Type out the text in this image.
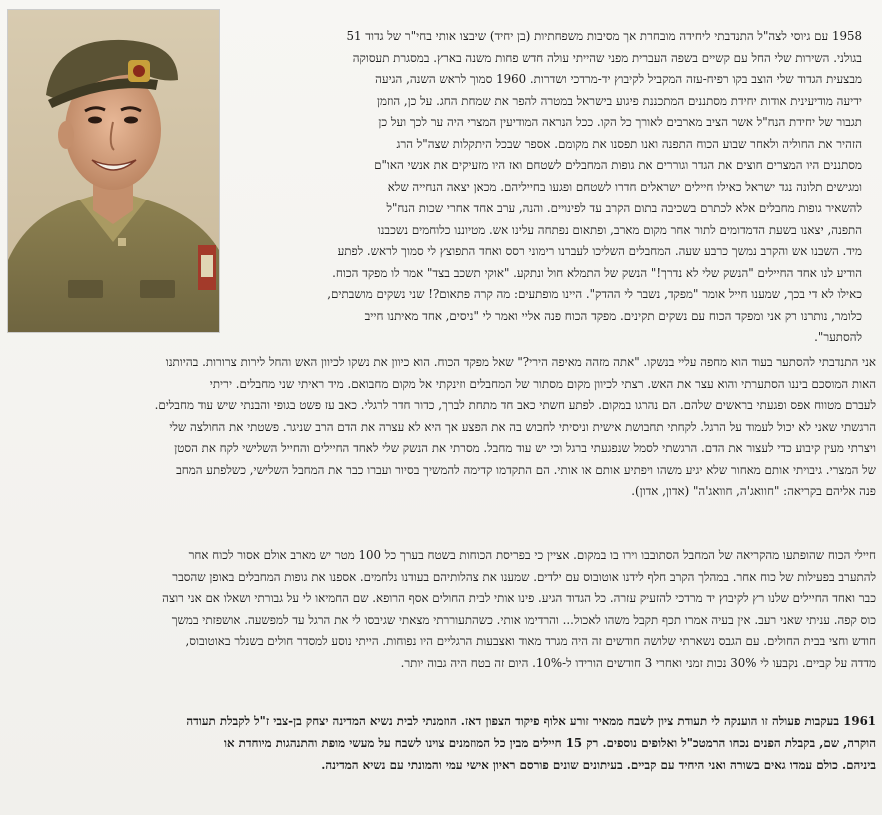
1958 עם גיוסי לצה"ל התנדבתי ליחידה מובחרת אך מסיבות משפחתיות (בן יחיד) שיבצו אותי בחי"ר של גדוד 51
בגולני. השירות שלי החל עם קשיים בשפה העברית מפני שהייתי עולה חדש פחות משנה בארץ. במסגרת תעסוקה
מבצעית הגדוד שלי הוצב בקו רפיח-עזה המקביל לקיבוץ יד-מרדכי ושדרות. 1960 סמוך לראש השנה, הגיעה
ידיעה מודיעינית אודות יחידת מסתננים המתכננת פיגוע בישראל במטרה להפר את שמחת החג. על כן, הוזמן
תגבור של יחידת הנח"ל אשר הציב מארבים לאורך כל הקו. ככל הנראה המודיעין המצרי היה ער לכך ועל כן
הזהיר את החוליה ולאחר שבוע הכוח התפנה ואנו תפסנו את מקומם. אספר שבכל היתקלות שצה"ל הרג
מסתננים היו המצרים חוצים את הגדר וגוררים את גופות המחבלים לשטחם ואז היו מזעיקים את אנשי האו"ם
ומגישים תלונה נגד ישראל כאילו חיילים ישראלים חדרו לשטחם ופגעו בחייליהם. מכאן יצאה הנחייה שלא
להשאיר גופות מחבלים אלא לכתרם בשכיבה בתום הקרב עד לפינויים. והנה, ערב אחד אחרי שכות הנח"ל
התפנה, יצאנו בשעת הדמדומים לתור אחר מקום מארב, ופתאום נפתחה עלינו אש. מטיוננו כלוחמים נשכבנו
מיד. השבנו אש והקרב נמשך כרבע שעה. המחבלים השליכו לעברנו רימוני רסס ואחד התפוצץ לי סמוך לראש. לפתע
הודיע לנו אחד החיילים "הנשק שלי לא נדרך!" הנשק של‏ התמלא חול ונתקע. "אוקי תשכב בצד" אמר לו מפקד הכוח.
כאילו לא די בכך, שמענו חייל אומר "מפקד, נשבר לי ההדק". היינו מופתעים: מה קרה פתאום?! שני נשקים מושבתים,
כלומר, נותרנו רק אני ומפקד הכוח עם נשקים תקינים. מפקד הכוח פנה אליי ואמר לי "ניסים, אחד מאיתנו חייב
להסתער".
אני התנדבתי להסתער בעוד הוא מחפה עליי בנשקו. "אתה מזהה מאיפה הירי?" שאל מפקד הכוח. הוא כיוון את נשקו לכיוון האש והחל לירות צרורות. בהיותנו
האות המוסכם ביננו הסתערתי והוא עצר את האש. רצתי לכיוון מקום מסתור של המחבלים וזינקתי אל מקום מחבואם. מיד ראיתי שני מחבלים. יריתי
לעברם מטווח אפס ופגעתי בראשים שלהם. הם נהרגו במקום. לפתע חשתי כאב חד מתחת לברך, כדור חדר לרגלי. כאב עז פשט בגופי והבנתי שיש עוד מחבלים.
הרגשתי שאני לא יכול לעמוד על הרגל. לקחתי תחבושת אישית וניסיתי לחבוש בה את הפצע אך היא לא עצרה את הדם הרב שניגר. פשטתי את החולצה שלי
ויצרתי מעין קיבוע כדי לעצור את הדם. הרגשתי לסמל שנפגעתי ברגל וכי יש עוד מחבל. מסרתי את הנשק שלי לאחד החיילים והחייל השלישי לקח את הסטן
של המצרי. גיבויתי אותם מאחור שלא יגיע משהו ויפתיע אותם או אותי. הם התקדמו קדימה להמשיך בסיור ועברו כבר את המחבל השלישי, כשלפתע המחב
פנה אליהם בקריאה: "חוואג'ה, חוואג'ה" (אדון, אדון).
חיילי הכוח שהופתעו מהקריאה של המחבל הסתובבו וירו בו במקום. אציין כי בפריסת הכוחות בשטח בערך כל 100 מטר יש מארב אולם אסור לכוח אחר
להתערב בפעילות של כוח אחר. במהלך הקרב חלף לידנו אוטובוס עם ילדים. שמענו את צהלותיהם בעודנו נלחמים. אספנו את גופות המחבלים באופן שהסבר
כבר ואחד החיילים שלנו רץ לקיבוץ יד מרדכי להזעיק עזרה. כל הגדוד הגיע. פינו אותי לבית החולים אסף הרופא. שם החמיאו לי על גבורתי ושאלו אם אני רוצה
כוס קפה. עניתי שאני רעב. אין בעיה אמרו תכף תקבל משהו לאכול... והרדימו אותי. כשהתעוררתי מצאתי שגיבסו לי את הרגל עד למפשעה. אושפזתי במשך
חודש וחצי בבית החולים. עם הגבס נשארתי שלושה חודשים זה היה מגרד מאוד ואצבעות הרגליים היו נפוחות. הייתי נוסע למסדר חולים בשנלר באוטובוס,
מדדה על קביים. נקבעו לי 30% נכות זמני ואחרי 3 חודשים הורידו ל-10%. היום זה בטח היה גבוה יותר.
1961 בעקבות פעולה זו הוענקה לי תעודת ציון לשבח ממאיר זורע אלוף פיקוד הצפון דאז. הוזמנתי לבית נשיא המדינה יצחק בן-צבי ז"ל לקבלת תעודה
הוקרה, שם, בקבלת הפנים נכחו הרמטכ"ל ואלופים נוספים. רק 15 חיילים מבין כל המוזמנים צוינו לשבח על מעשי מופת והתנהגות מיוחדת או
ביניהם. כולם עמדו גאים בשורה ואני היחיד עם קביים. בעיתונים שונים פורסם ראיון אישי עמי והמונתי עם נשיא המדינה.
